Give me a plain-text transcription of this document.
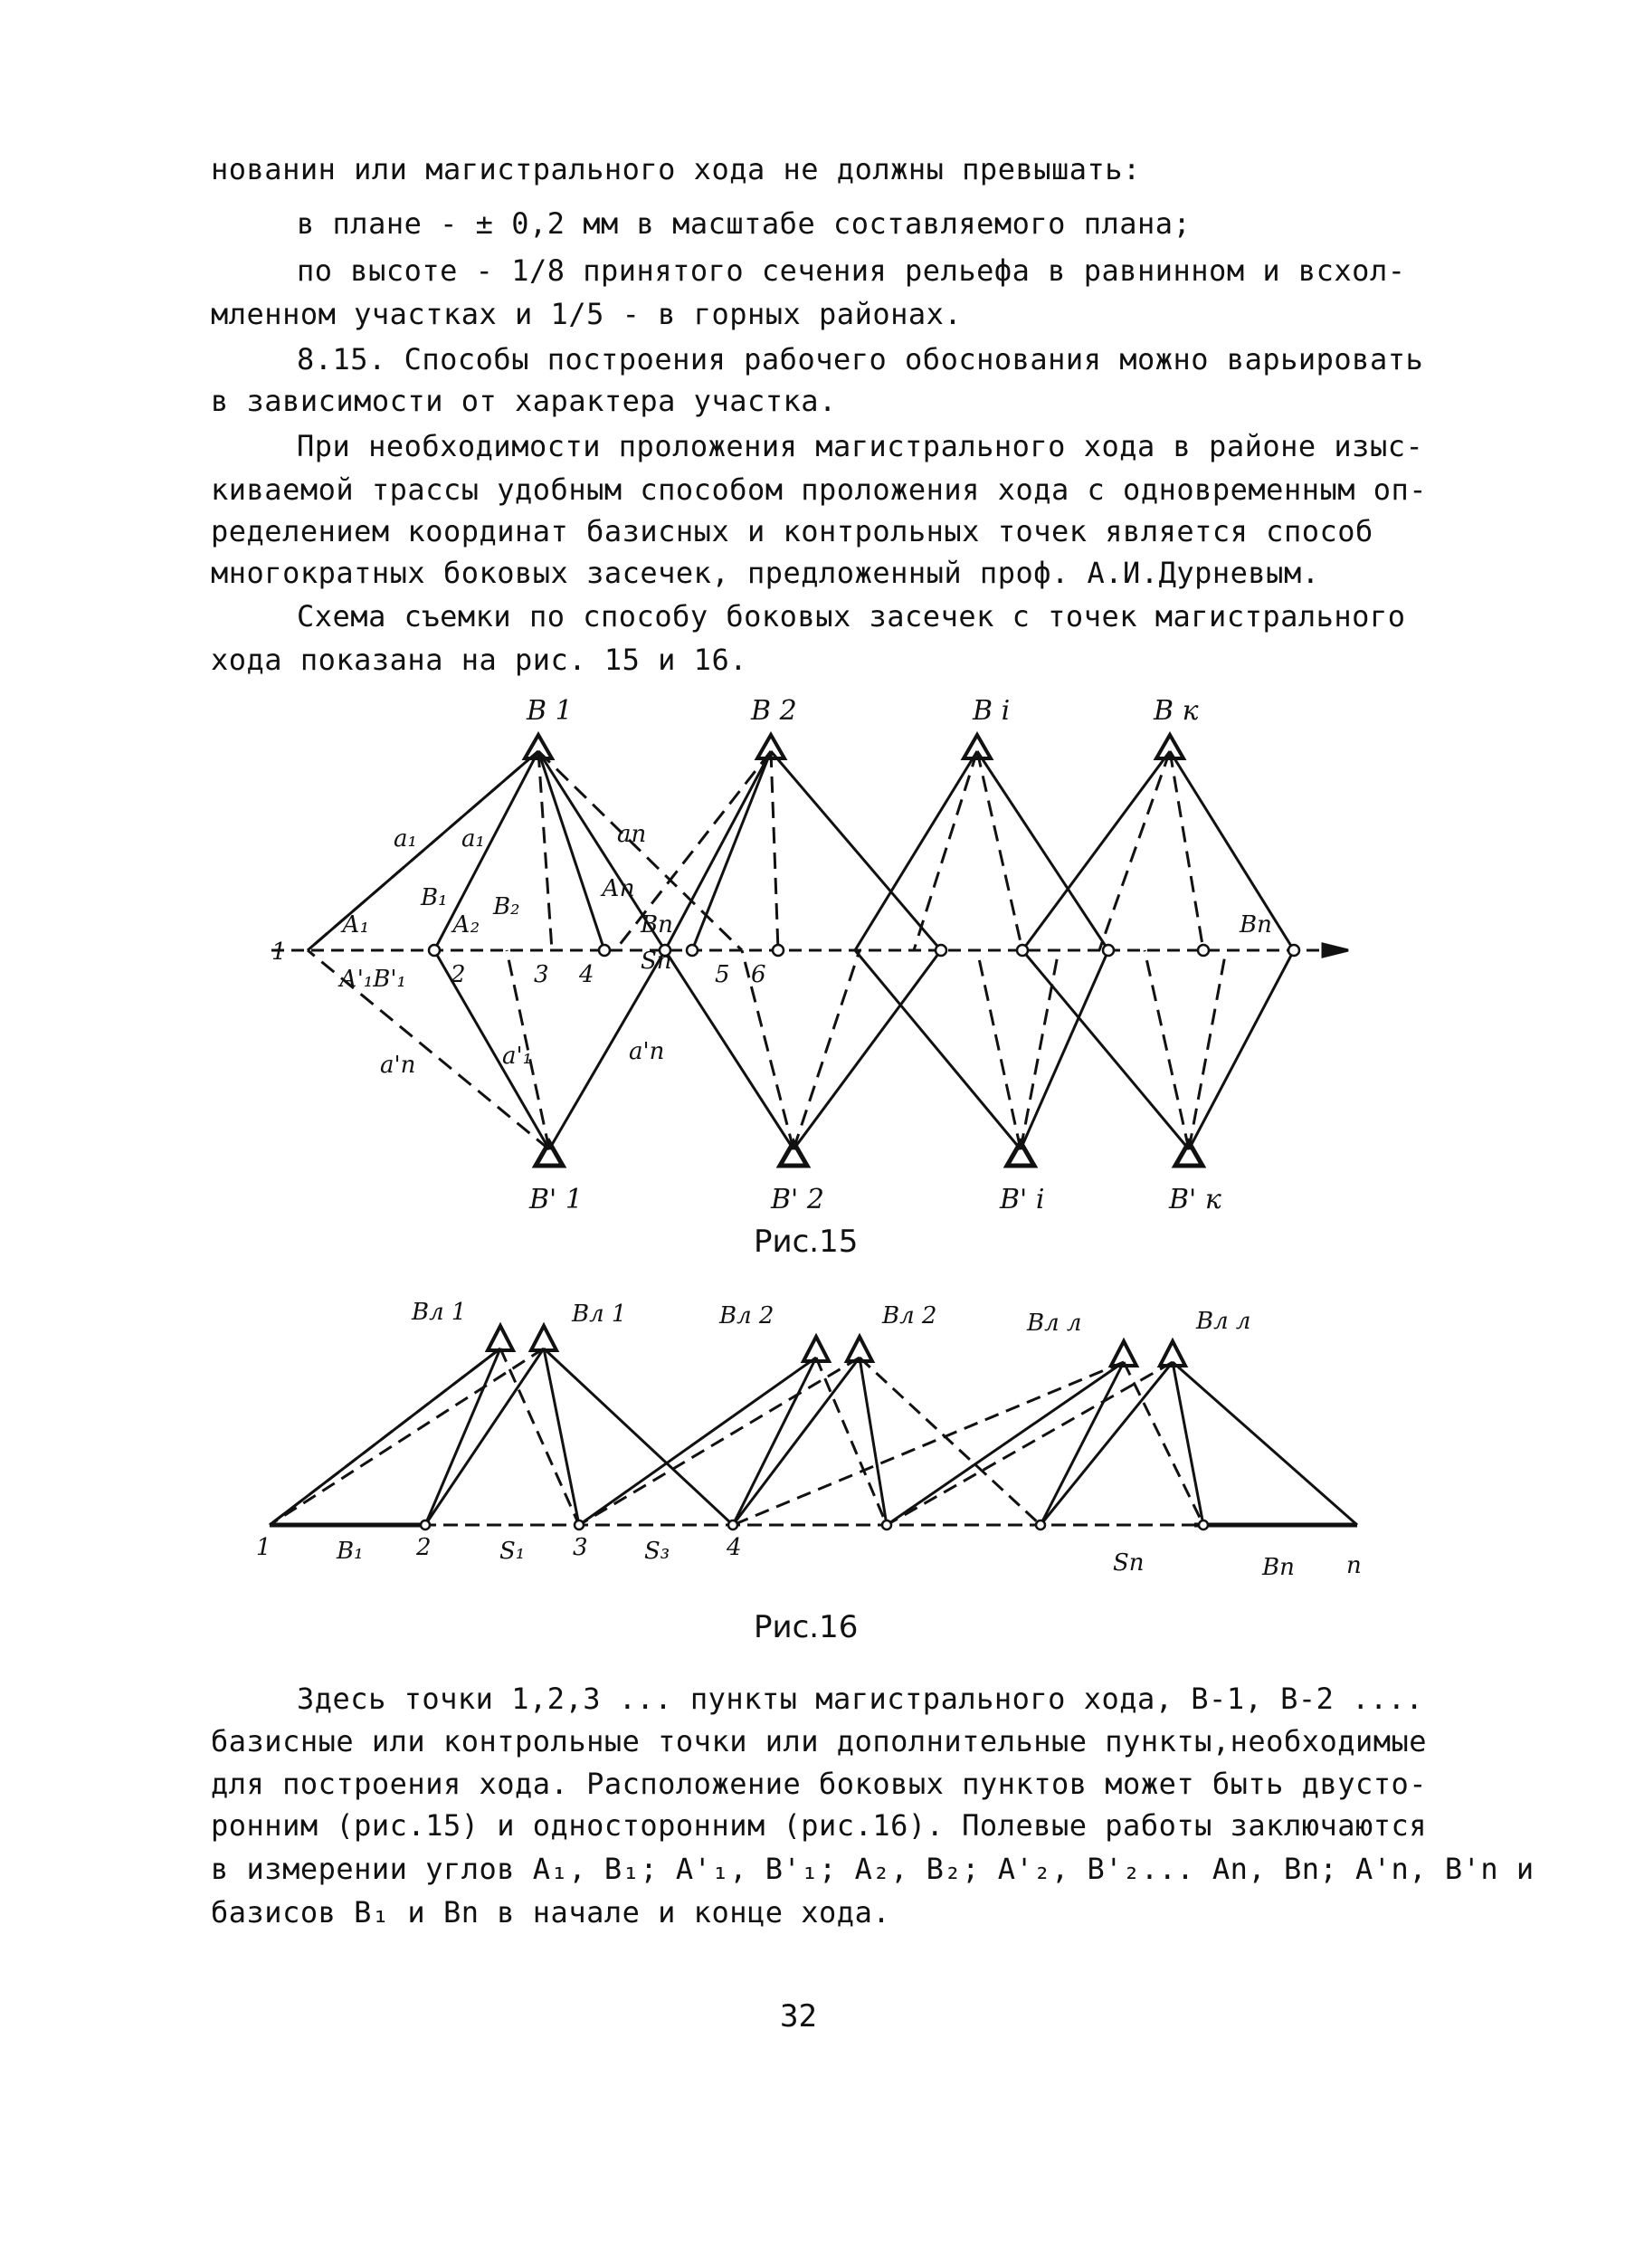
нованин или магистрального хода не должны превышать:
в плане - ± 0,2 мм в масштабе составляемого плана;
по высоте - 1/8 принятого сечения рельефа в равнинном и всхол-
мленном участках и 1/5 - в горных районах.
8.15. Способы построения рабочего обоснования можно варьировать
в зависимости от характера участка.
При необходимости проложения магистрального хода в районе изыс-
киваемой трассы удобным способом проложения хода с одновременным оп-
ределением координат базисных и контрольных точек является способ
многократных боковых засечек, предложенный проф. А.И.Дурневым.
Схема съемки по способу боковых засечек с точек магистрального
хода показана на рис. 15 и 16.
В 1	В 2	В i	В к
В' 1	В' 2	В' i	В' к
2	3 4	5 6
1
А₁
В₁
А₂
В₂
Аn
Вn
А'₁В'₁
Sn
Bn
a₁ a₁	an
a'n	a'₁	a'n
Рис.15
Вл 1	Вл 1	Вл 2	Вл 2	Вл л	Вл л
1	В₁ 2	S₁ 3 S₃ 4
Sn	Bn n
Рис.16
Здесь точки 1,2,3 ... пункты магистрального хода, В-1, В-2 ....
базисные или контрольные точки или дополнительные пункты,необходимые
для построения хода. Расположение боковых пунктов может быть двусто-
ронним (рис.15) и односторонним (рис.16). Полевые работы заключаются
в измерении углов A₁, B₁; A'₁, B'₁; A₂, B₂; A'₂, B'₂... An, Bn; A'n, B'n и
базисов B₁ и Bn в начале и конце хода.
32
